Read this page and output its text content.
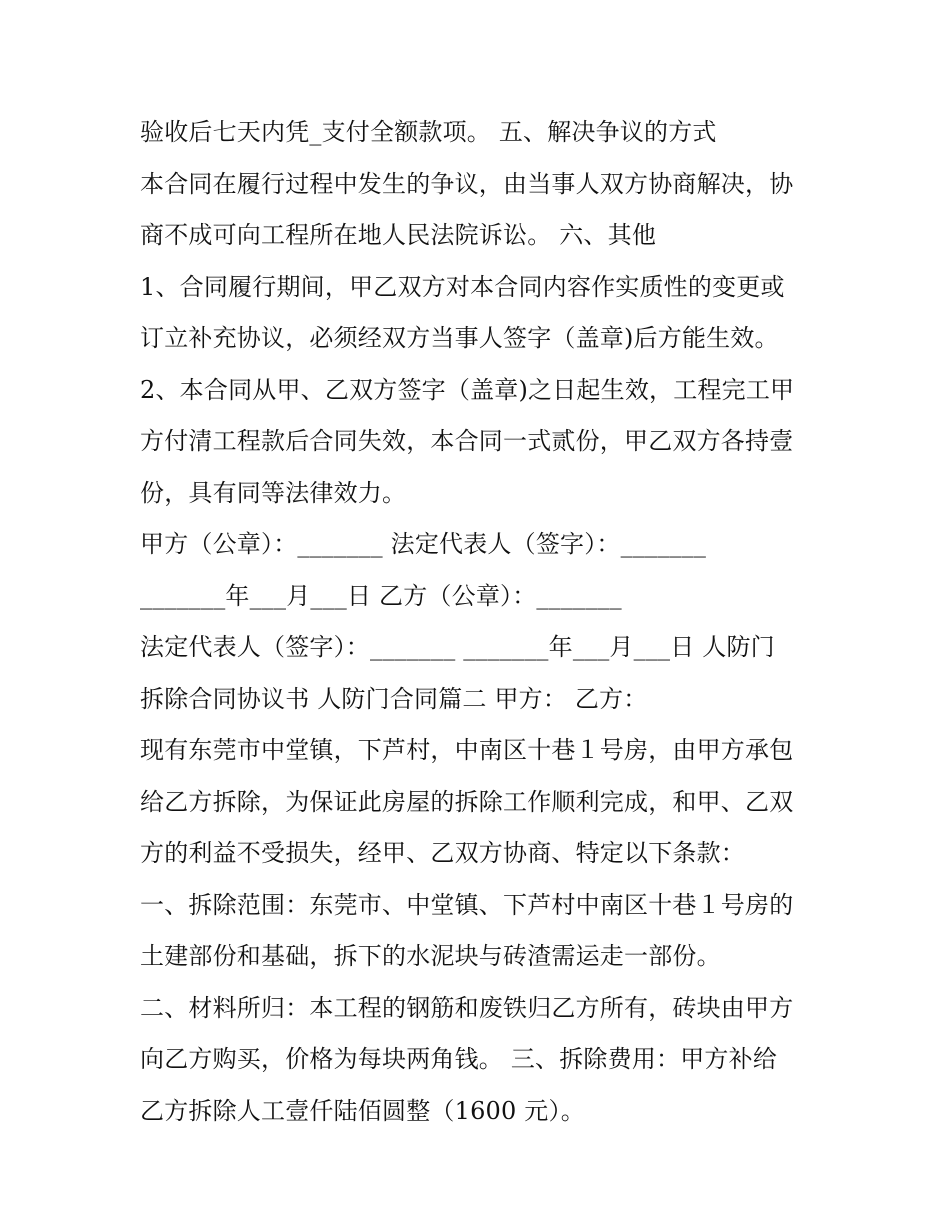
验收后七天内凭_支付全额款项。 五、解决争议的方式
本合同在履行过程中发生的争议，由当事人双方协商解决，协
商不成可向工程所在地人民法院诉讼。 六、其他
1、合同履行期间，甲乙双方对本合同内容作实质性的变更或
订立补充协议，必须经双方当事人签字（盖章)后方能生效。
2、本合同从甲、乙双方签字（盖章)之日起生效，工程完工甲
方付清工程款后合同失效，本合同一式贰份，甲乙双方各持壹
份，具有同等法律效力。
甲方（公章）：_______ 法定代表人（签字）：_______
_______年___月___日 乙方（公章）：_______
法定代表人（签字）：_______ _______年___月___日 人防门
拆除合同协议书 人防门合同篇二 甲方： 乙方：
现有东莞市中堂镇，下芦村，中南区十巷１号房，由甲方承包
给乙方拆除，为保证此房屋的拆除工作顺利完成，和甲、乙双
方的利益不受损失，经甲、乙双方协商、特定以下条款：
一、拆除范围：东莞市、中堂镇、下芦村中南区十巷１号房的
土建部份和基础，拆下的水泥块与砖渣需运走一部份。
二、材料所归：本工程的钢筋和废铁归乙方所有，砖块由甲方
向乙方购买，价格为每块两角钱。 三、拆除费用：甲方补给
乙方拆除人工壹仟陆佰圆整（1600 元）。
